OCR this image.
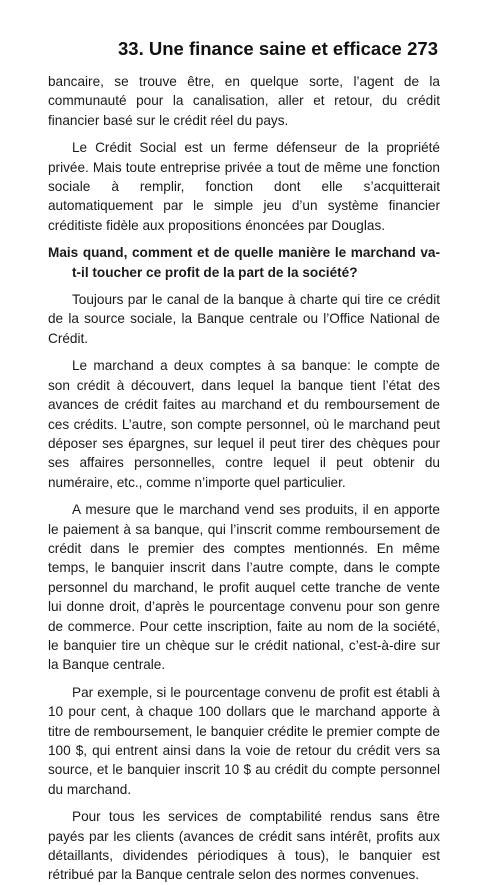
33. Une finance saine et efficace 273

bancaire, se trouve être, en quelque sorte, l’agent de la communauté pour la canalisation, aller et retour, du crédit financier basé sur le crédit réel du pays.

Le Crédit Social est un ferme défenseur de la propriété privée. Mais toute entreprise privée a tout de même une fonction sociale à remplir, fonction dont elle s’acquitterait automatiquement par le simple jeu d’un système financier créditiste fidèle aux propositions énoncées par Douglas.

Mais quand, comment et de quelle manière le marchand va-t-il toucher ce profit de la part de la société?

Toujours par le canal de la banque à charte qui tire ce crédit de la source sociale, la Banque centrale ou l’Office National de Crédit.

Le marchand a deux comptes à sa banque: le compte de son crédit à découvert, dans lequel la banque tient l’état des avances de crédit faites au marchand et du remboursement de ces crédits. L’autre, son compte personnel, où le marchand peut déposer ses épargnes, sur lequel il peut tirer des chèques pour ses affaires personnelles, contre lequel il peut obtenir du numéraire, etc., comme n’importe quel particulier.

A mesure que le marchand vend ses produits, il en apporte le paiement à sa banque, qui l’inscrit comme remboursement de crédit dans le premier des comptes mentionnés. En même temps, le banquier inscrit dans l’autre compte, dans le compte personnel du marchand, le profit auquel cette tranche de vente lui donne droit, d’après le pourcentage convenu pour son genre de commerce. Pour cette inscription, faite au nom de la société, le banquier tire un chèque sur le crédit national, c’est-à-dire sur la Banque centrale.

Par exemple, si le pourcentage convenu de profit est établi à 10 pour cent, à chaque 100 dollars que le marchand apporte à titre de remboursement, le banquier crédite le premier compte de 100 $, qui entrent ainsi dans la voie de retour du crédit vers sa source, et le banquier inscrit 10 $ au crédit du compte personnel du marchand.

Pour tous les services de comptabilité rendus sans être payés par les clients (avances de crédit sans intérêt, profits aux détaillants, dividendes périodiques à tous), le banquier est rétribué par la Banque centrale selon des normes convenues.
